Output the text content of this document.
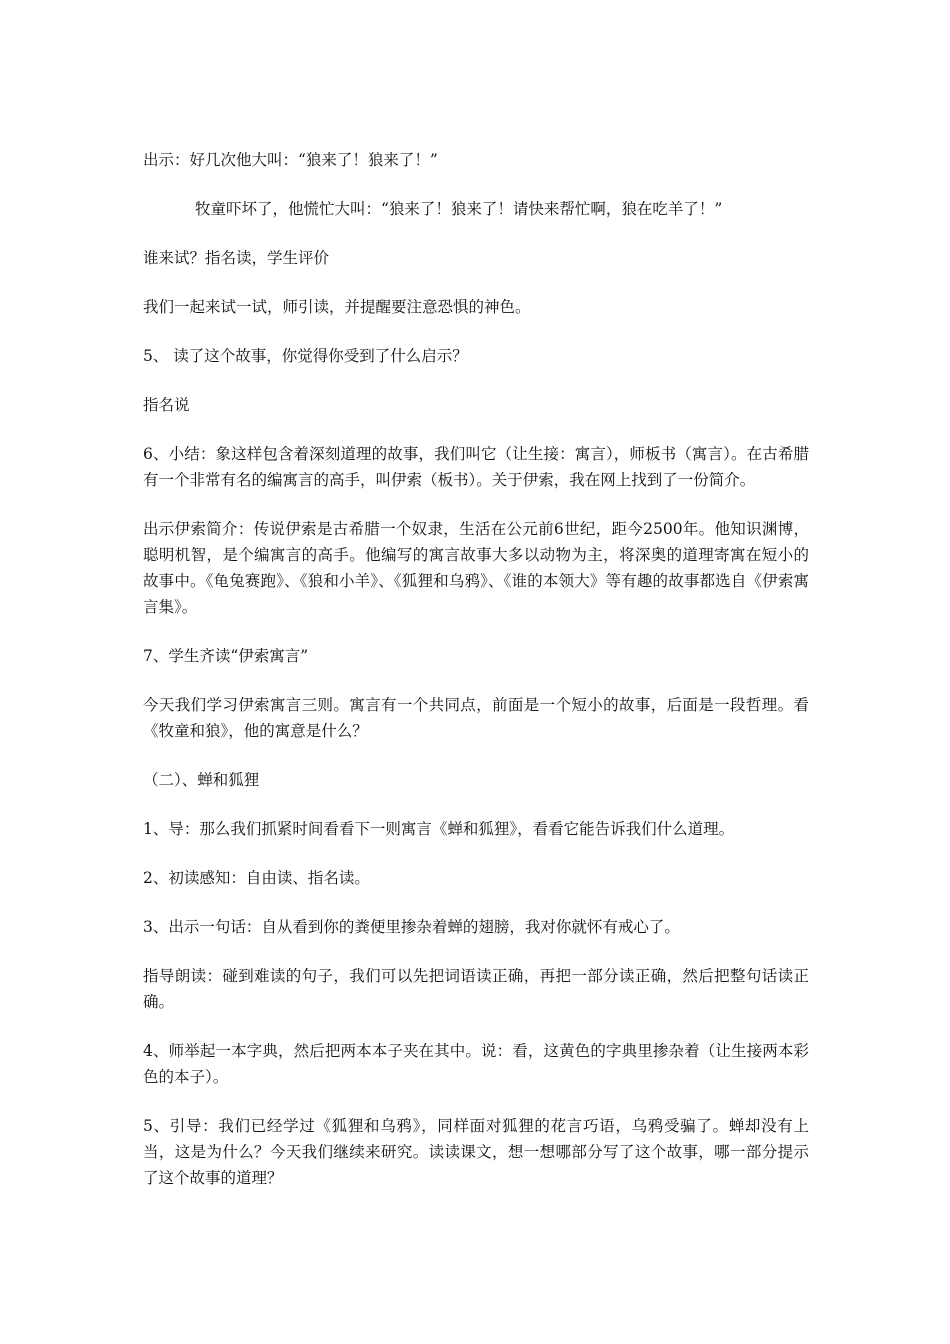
出示：好几次他大叫：“狼来了！狼来了！”

牧童吓坏了，他慌忙大叫：“狼来了！狼来了！请快来帮忙啊，狼在吃羊了！”

谁来试？指名读，学生评价

我们一起来试一试，师引读，并提醒要注意恐惧的神色。

5、 读了这个故事，你觉得你受到了什么启示？

指名说

6、小结：象这样包含着深刻道理的故事，我们叫它（让生接：寓言），师板书（寓言）。在古希腊有一个非常有名的编寓言的高手，叫伊索（板书）。关于伊索，我在网上找到了一份简介。

出示伊索简介：传说伊索是古希腊一个奴隶，生活在公元前6世纪，距今2500年。他知识渊博，聪明机智，是个编寓言的高手。他编写的寓言故事大多以动物为主，将深奥的道理寄寓在短小的故事中。《龟兔赛跑》、《狼和小羊》、《狐狸和乌鸦》、《谁的本领大》等有趣的故事都选自《伊索寓言集》。

7、学生齐读“伊索寓言”

今天我们学习伊索寓言三则。寓言有一个共同点，前面是一个短小的故事，后面是一段哲理。看《牧童和狼》，他的寓意是什么？

（二）、蝉和狐狸

1、导：那么我们抓紧时间看看下一则寓言《蝉和狐狸》，看看它能告诉我们什么道理。

2、初读感知：自由读、指名读。

3、出示一句话：自从看到你的粪便里掺杂着蝉的翅膀，我对你就怀有戒心了。

指导朗读：碰到难读的句子，我们可以先把词语读正确，再把一部分读正确，然后把整句话读正确。

4、师举起一本字典，然后把两本本子夹在其中。说：看，这黄色的字典里掺杂着（让生接两本彩色的本子）。

5、引导：我们已经学过《狐狸和乌鸦》，同样面对狐狸的花言巧语，乌鸦受骗了。蝉却没有上当，这是为什么？今天我们继续来研究。读读课文，想一想哪部分写了这个故事，哪一部分提示了这个故事的道理？
